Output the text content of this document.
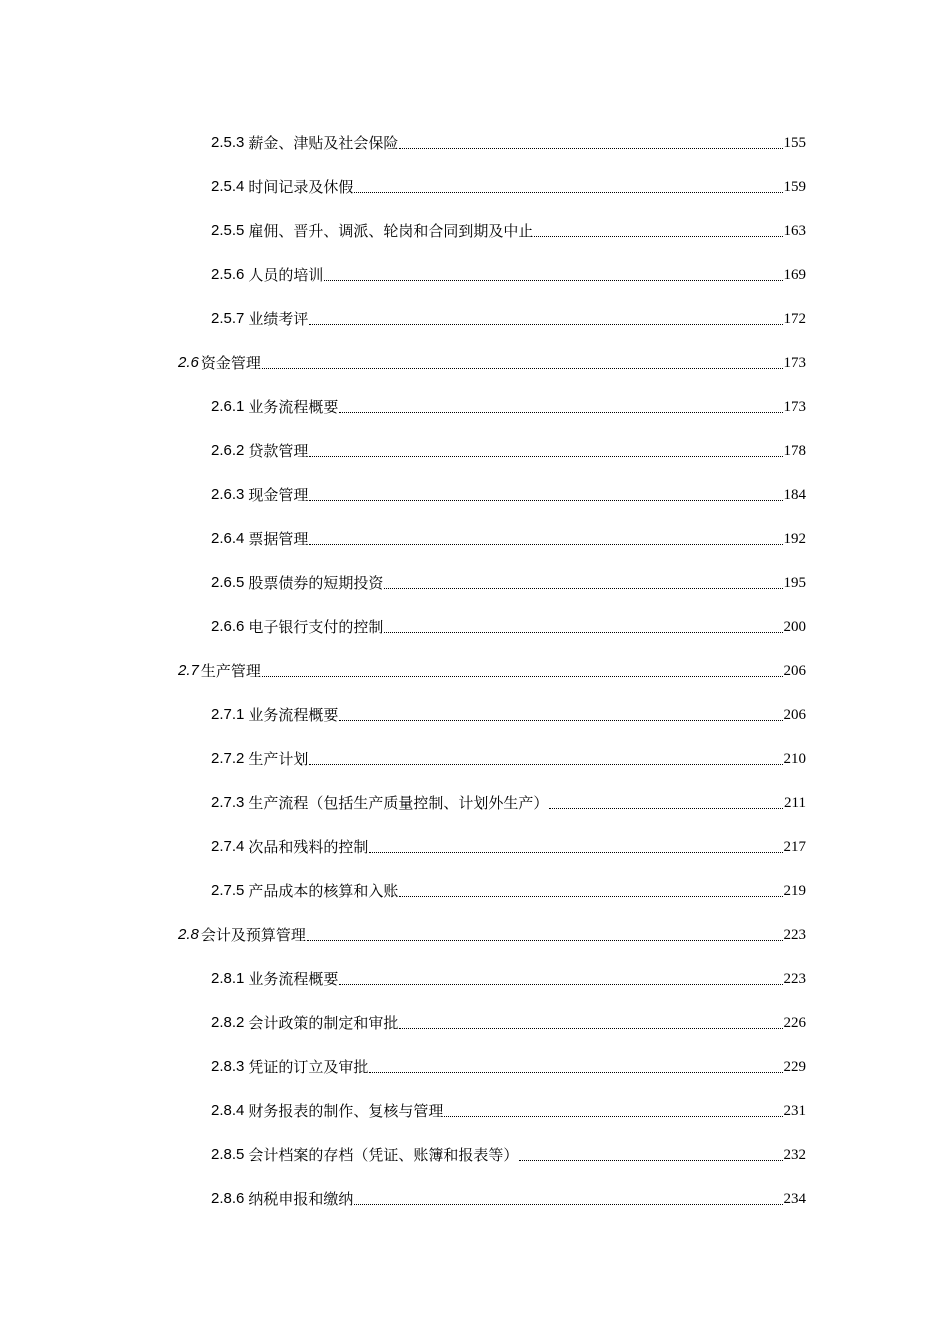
2.5.3 薪金、津贴及社会保险	155
2.5.4 时间记录及休假	159
2.5.5 雇佣、晋升、调派、轮岗和合同到期及中止	163
2.5.6 人员的培训	169
2.5.7 业绩考评	172
2.6 资金管理	173
2.6.1 业务流程概要	173
2.6.2 贷款管理	178
2.6.3 现金管理	184
2.6.4 票据管理	192
2.6.5 股票债券的短期投资	195
2.6.6 电子银行支付的控制	200
2.7 生产管理	206
2.7.1 业务流程概要	206
2.7.2 生产计划	210
2.7.3 生产流程（包括生产质量控制、计划外生产）	211
2.7.4 次品和残料的控制	217
2.7.5 产品成本的核算和入账	219
2.8 会计及预算管理	223
2.8.1 业务流程概要	223
2.8.2 会计政策的制定和审批	226
2.8.3 凭证的订立及审批	229
2.8.4 财务报表的制作、复核与管理	231
2.8.5 会计档案的存档（凭证、账簿和报表等）	232
2.8.6 纳税申报和缴纳	234
